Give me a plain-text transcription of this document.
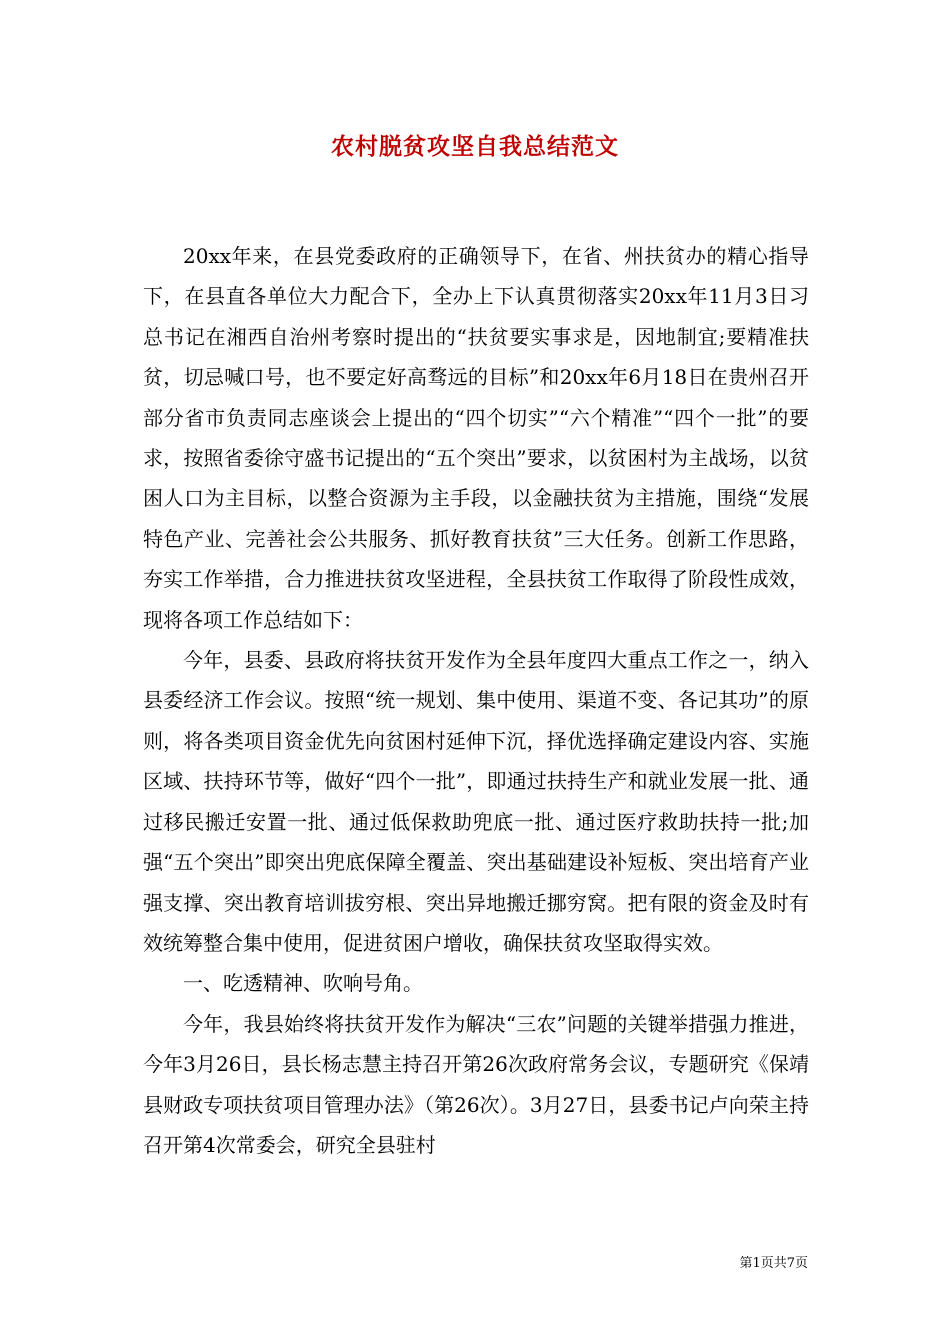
农村脱贫攻坚自我总结范文

20xx年来，在县党委政府的正确领导下，在省、州扶贫办的精心指导下，在县直各单位大力配合下，全办上下认真贯彻落实20xx年11月3日习总书记在湘西自治州考察时提出的“扶贫要实事求是，因地制宜;要精准扶贫，切忌喊口号，也不要定好高骛远的目标”和20xx年6月18日在贵州召开部分省市负责同志座谈会上提出的“四个切实”“六个精准”“四个一批”的要求，按照省委徐守盛书记提出的“五个突出”要求，以贫困村为主战场，以贫困人口为主目标，以整合资源为主手段，以金融扶贫为主措施，围绕“发展特色产业、完善社会公共服务、抓好教育扶贫”三大任务。创新工作思路，夯实工作举措，合力推进扶贫攻坚进程，全县扶贫工作取得了阶段性成效，现将各项工作总结如下：

今年，县委、县政府将扶贫开发作为全县年度四大重点工作之一，纳入县委经济工作会议。按照“统一规划、集中使用、渠道不变、各记其功”的原则，将各类项目资金优先向贫困村延伸下沉，择优选择确定建设内容、实施区域、扶持环节等，做好“四个一批”，即通过扶持生产和就业发展一批、通过移民搬迁安置一批、通过低保救助兜底一批、通过医疗救助扶持一批;加强“五个突出”即突出兜底保障全覆盖、突出基础建设补短板、突出培育产业强支撑、突出教育培训拔穷根、突出异地搬迁挪穷窝。把有限的资金及时有效统筹整合集中使用，促进贫困户增收，确保扶贫攻坚取得实效。

一、吃透精神、吹响号角。

今年，我县始终将扶贫开发作为解决“三农”问题的关键举措强力推进，今年3月26日，县长杨志慧主持召开第26次政府常务会议，专题研究《保靖县财政专项扶贫项目管理办法》（第26次）。3月27日，县委书记卢向荣主持召开第4次常委会，研究全县驻村

第1页共7页
